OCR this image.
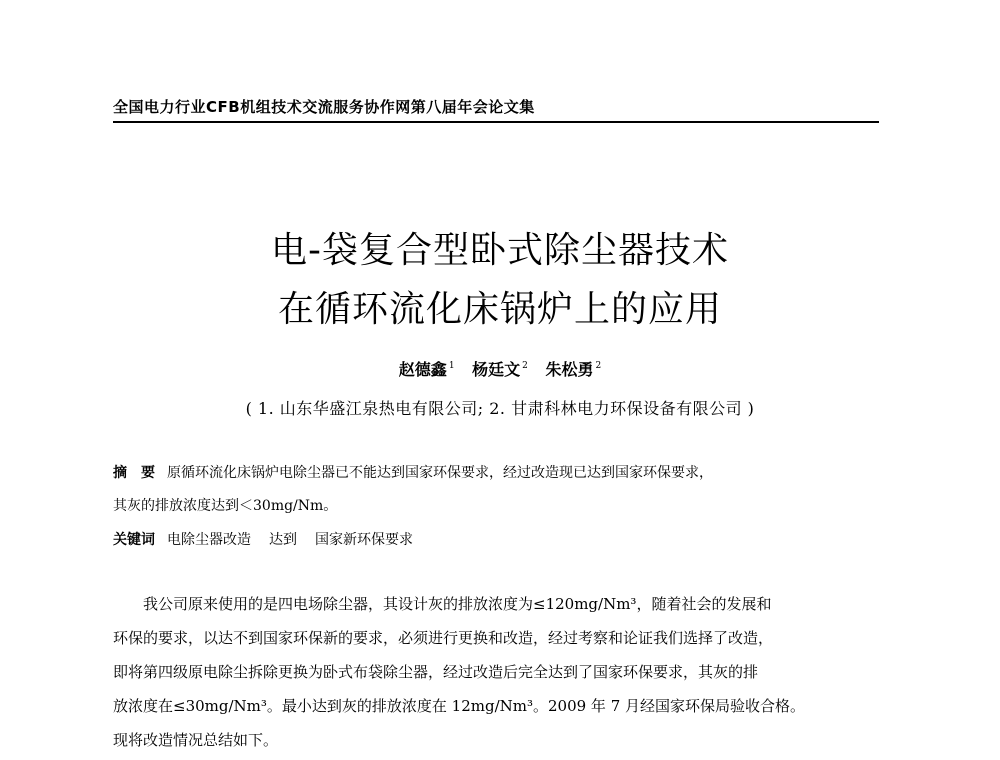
全国电力行业CFB机组技术交流服务协作网第八届年会论文集
电-袋复合型卧式除尘器技术
在循环流化床锅炉上的应用
赵德鑫 $^1$ 杨廷文 $^2$ 朱松勇 $^2$
( 1. 山东华盛江泉热电有限公司; 2. 甘肃科林电力环保设备有限公司 )
摘　要 原循环流化床锅炉电除尘器已不能达到国家环保要求，经过改造现已达到国家环保要求，
其灰的排放浓度达到＜30mg/Nm。
关键词 电除尘器改造 达到 国家新环保要求
　　我公司原来使用的是四电场除尘器，其设计灰的排放浓度为≤120mg/Nm³，随着社会的发展和
环保的要求，以达不到国家环保新的要求，必须进行更换和改造，经过考察和论证我们选择了改造，
即将第四级原电除尘拆除更换为卧式布袋除尘器，经过改造后完全达到了国家环保要求，其灰的排
放浓度在≤30mg/Nm³。最小达到灰的排放浓度在 12mg/Nm³。2009 年 7 月经国家环保局验收合格。
现将改造情况总结如下。
